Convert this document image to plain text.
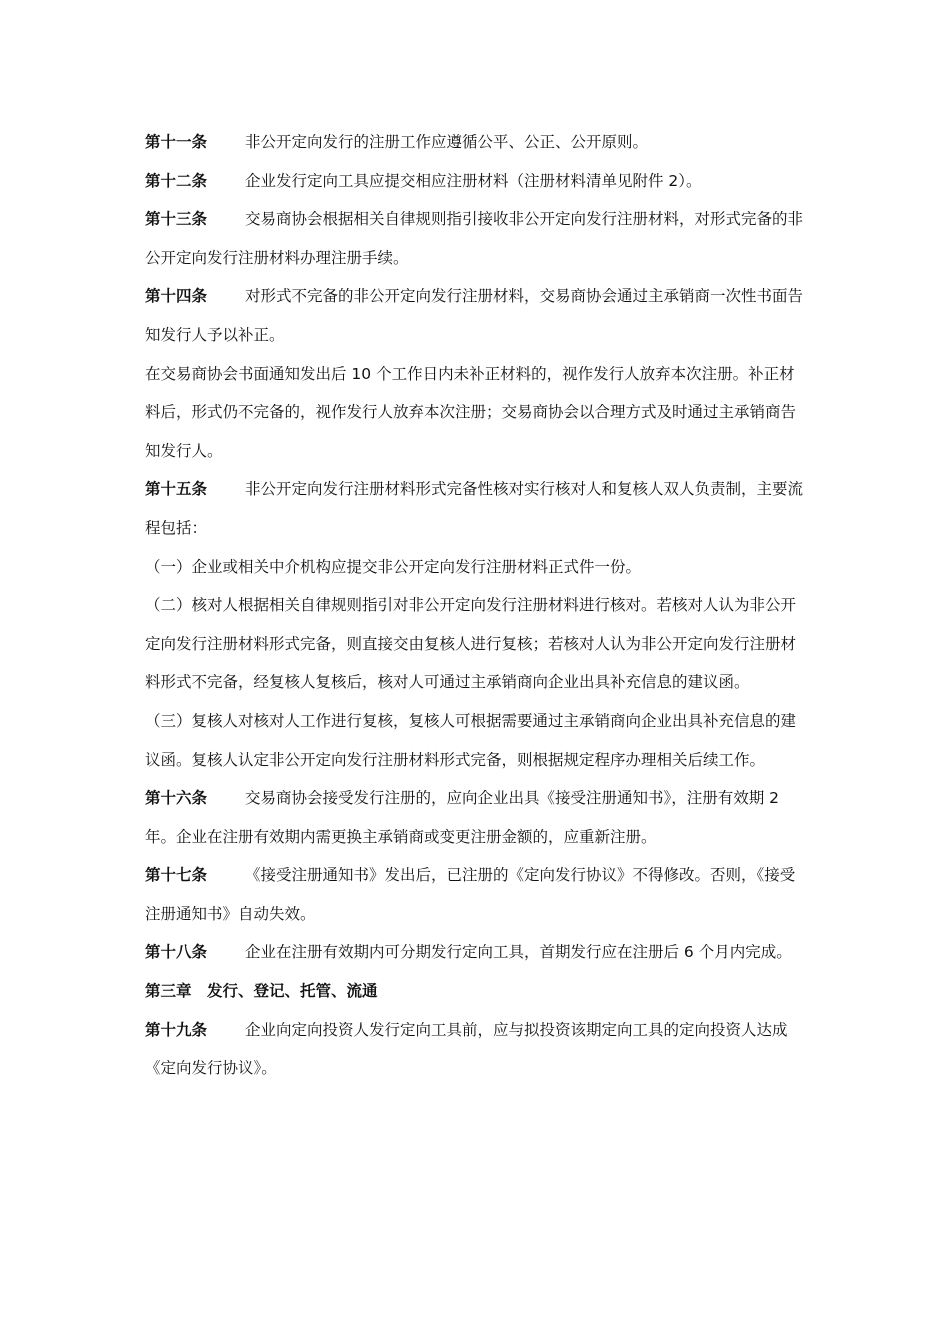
第十一条 非公开定向发行的注册工作应遵循公平、公正、公开原则。

第十二条 企业发行定向工具应提交相应注册材料（注册材料清单见附件 2）。

第十三条 交易商协会根据相关自律规则指引接收非公开定向发行注册材料，对形式完备的非公开定向发行注册材料办理注册手续。

第十四条 对形式不完备的非公开定向发行注册材料，交易商协会通过主承销商一次性书面告知发行人予以补正。

在交易商协会书面通知发出后 10 个工作日内未补正材料的，视作发行人放弃本次注册。补正材料后，形式仍不完备的，视作发行人放弃本次注册；交易商协会以合理方式及时通过主承销商告知发行人。

第十五条 非公开定向发行注册材料形式完备性核对实行核对人和复核人双人负责制，主要流程包括：

（一）企业或相关中介机构应提交非公开定向发行注册材料正式件一份。

（二）核对人根据相关自律规则指引对非公开定向发行注册材料进行核对。若核对人认为非公开定向发行注册材料形式完备，则直接交由复核人进行复核；若核对人认为非公开定向发行注册材料形式不完备，经复核人复核后，核对人可通过主承销商向企业出具补充信息的建议函。

（三）复核人对核对人工作进行复核，复核人可根据需要通过主承销商向企业出具补充信息的建议函。复核人认定非公开定向发行注册材料形式完备，则根据规定程序办理相关后续工作。

第十六条 交易商协会接受发行注册的，应向企业出具《接受注册通知书》，注册有效期 2 年。企业在注册有效期内需更换主承销商或变更注册金额的，应重新注册。

第十七条 《接受注册通知书》发出后，已注册的《定向发行协议》不得修改。否则，《接受注册通知书》自动失效。

第十八条 企业在注册有效期内可分期发行定向工具，首期发行应在注册后 6 个月内完成。

第三章　发行、登记、托管、流通

第十九条 企业向定向投资人发行定向工具前，应与拟投资该期定向工具的定向投资人达成《定向发行协议》。
